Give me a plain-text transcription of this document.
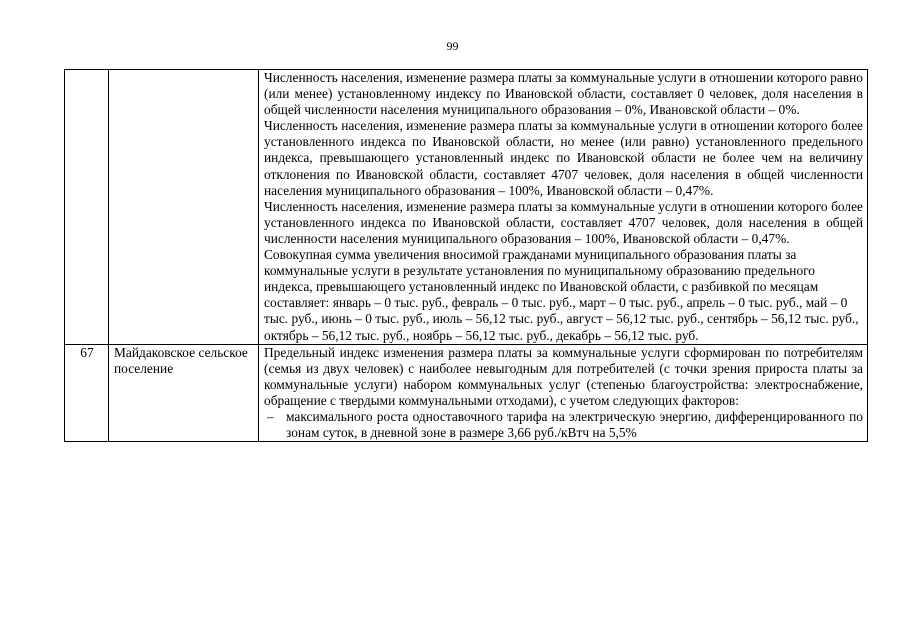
99

		Численность населения, изменение размера платы за коммунальные услуги в отношении которого равно (или менее) установленному индексу по Ивановской области, составляет 0 человек, доля населения в общей численности населения муниципального образования – 0%, Ивановской области – 0%.

Численность населения, изменение размера платы за коммунальные услуги в отношении которого более установленного индекса по Ивановской области, но менее (или равно) установленного предельного индекса, превышающего установленный индекс по Ивановской области не более чем на величину отклонения по Ивановской области, составляет 4707 человек, доля населения в общей численности населения муниципального образования – 100%, Ивановской области – 0,47%.

Численность населения, изменение размера платы за коммунальные услуги в отношении которого более установленного индекса по Ивановской области, составляет 4707 человек, доля населения в общей численности населения муниципального образования – 100%, Ивановской области – 0,47%.

Совокупная сумма увеличения вносимой гражданами муниципального образования платы за коммунальные услуги в результате установления по муниципальному образованию предельного индекса, превышающего установленный индекс по Ивановской области, с разбивкой по месяцам составляет: январь – 0 тыс. руб., февраль – 0 тыс. руб., март – 0 тыс. руб., апрель – 0 тыс. руб., май – 0 тыс. руб., июнь – 0 тыс. руб., июль – 56,12 тыс. руб., август – 56,12 тыс. руб., сентябрь – 56,12 тыс. руб., октябрь – 56,12 тыс. руб., ноябрь – 56,12 тыс. руб., декабрь – 56,12 тыс. руб.

67	Майдаковское сельское поселение	Предельный индекс изменения размера платы за коммунальные услуги сформирован по потребителям (семья из двух человек) с наиболее невыгодным для потребителей (с точки зрения прироста платы за коммунальные услуги) набором коммунальных услуг (степенью благоустройства: электроснабжение, обращение с твердыми коммунальными отходами), с учетом следующих факторов:

– максимального роста одноставочного тарифа на электрическую энергию, дифференцированного по зонам суток, в дневной зоне в размере 3,66 руб./кВтч на 5,5%
